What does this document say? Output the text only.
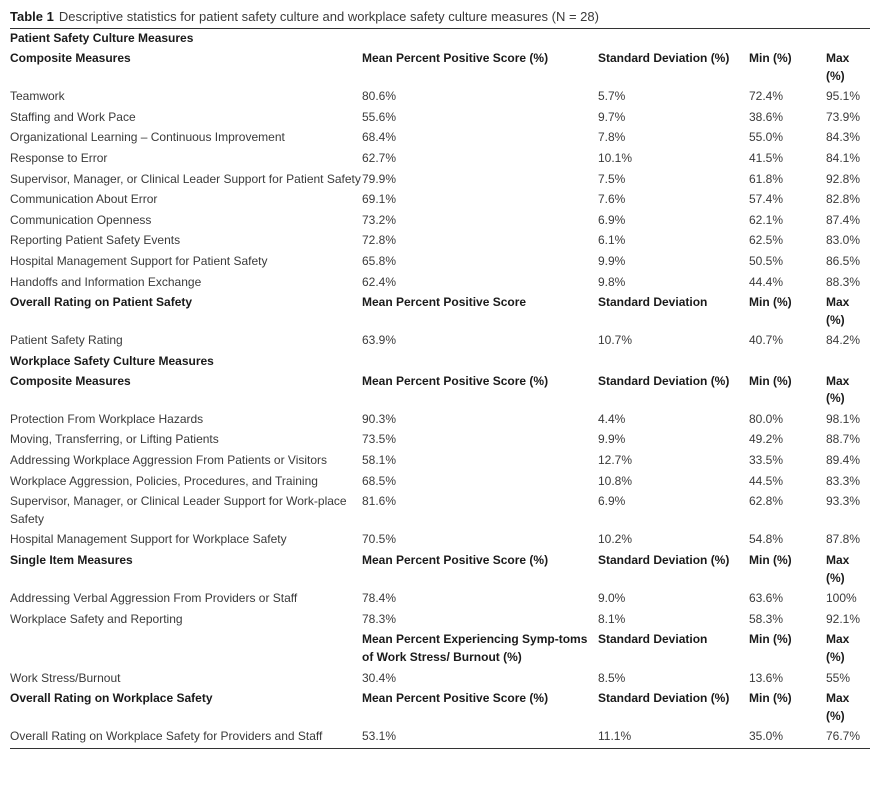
Table 1 Descriptive statistics for patient safety culture and workplace safety culture measures (N = 28)
Patient Safety Culture Measures				
Composite Measures	Mean Percent Positive Score (%)	Standard Deviation (%)	Min (%)	Max (%)
Teamwork	80.6%	5.7%	72.4%	95.1%
Staffing and Work Pace	55.6%	9.7%	38.6%	73.9%
Organizational Learning – Continuous Improvement	68.4%	7.8%	55.0%	84.3%
Response to Error	62.7%	10.1%	41.5%	84.1%
Supervisor, Manager, or Clinical Leader Support for Patient Safety	79.9%	7.5%	61.8%	92.8%
Communication About Error	69.1%	7.6%	57.4%	82.8%
Communication Openness	73.2%	6.9%	62.1%	87.4%
Reporting Patient Safety Events	72.8%	6.1%	62.5%	83.0%
Hospital Management Support for Patient Safety	65.8%	9.9%	50.5%	86.5%
Handoffs and Information Exchange	62.4%	9.8%	44.4%	88.3%
Overall Rating on Patient Safety	Mean Percent Positive Score	Standard Deviation	Min (%)	Max (%)
Patient Safety Rating	63.9%	10.7%	40.7%	84.2%
Workplace Safety Culture Measures				
Composite Measures	Mean Percent Positive Score (%)	Standard Deviation (%)	Min (%)	Max (%)
Protection From Workplace Hazards	90.3%	4.4%	80.0%	98.1%
Moving, Transferring, or Lifting Patients	73.5%	9.9%	49.2%	88.7%
Addressing Workplace Aggression From Patients or Visitors	58.1%	12.7%	33.5%	89.4%
Workplace Aggression, Policies, Procedures, and Training	68.5%	10.8%	44.5%	83.3%
Supervisor, Manager, or Clinical Leader Support for Work-place Safety	81.6%	6.9%	62.8%	93.3%
Hospital Management Support for Workplace Safety	70.5%	10.2%	54.8%	87.8%
Single Item Measures	Mean Percent Positive Score (%)	Standard Deviation (%)	Min (%)	Max (%)
Addressing Verbal Aggression From Providers or Staff	78.4%	9.0%	63.6%	100%
Workplace Safety and Reporting	78.3%	8.1%	58.3%	92.1%
	Mean Percent Experiencing Symp-toms of Work Stress/ Burnout (%)	Standard Deviation	Min (%)	Max (%)
Work Stress/Burnout	30.4%	8.5%	13.6%	55%
Overall Rating on Workplace Safety	Mean Percent Positive Score (%)	Standard Deviation (%)	Min (%)	Max (%)
Overall Rating on Workplace Safety for Providers and Staff	53.1%	11.1%	35.0%	76.7%
